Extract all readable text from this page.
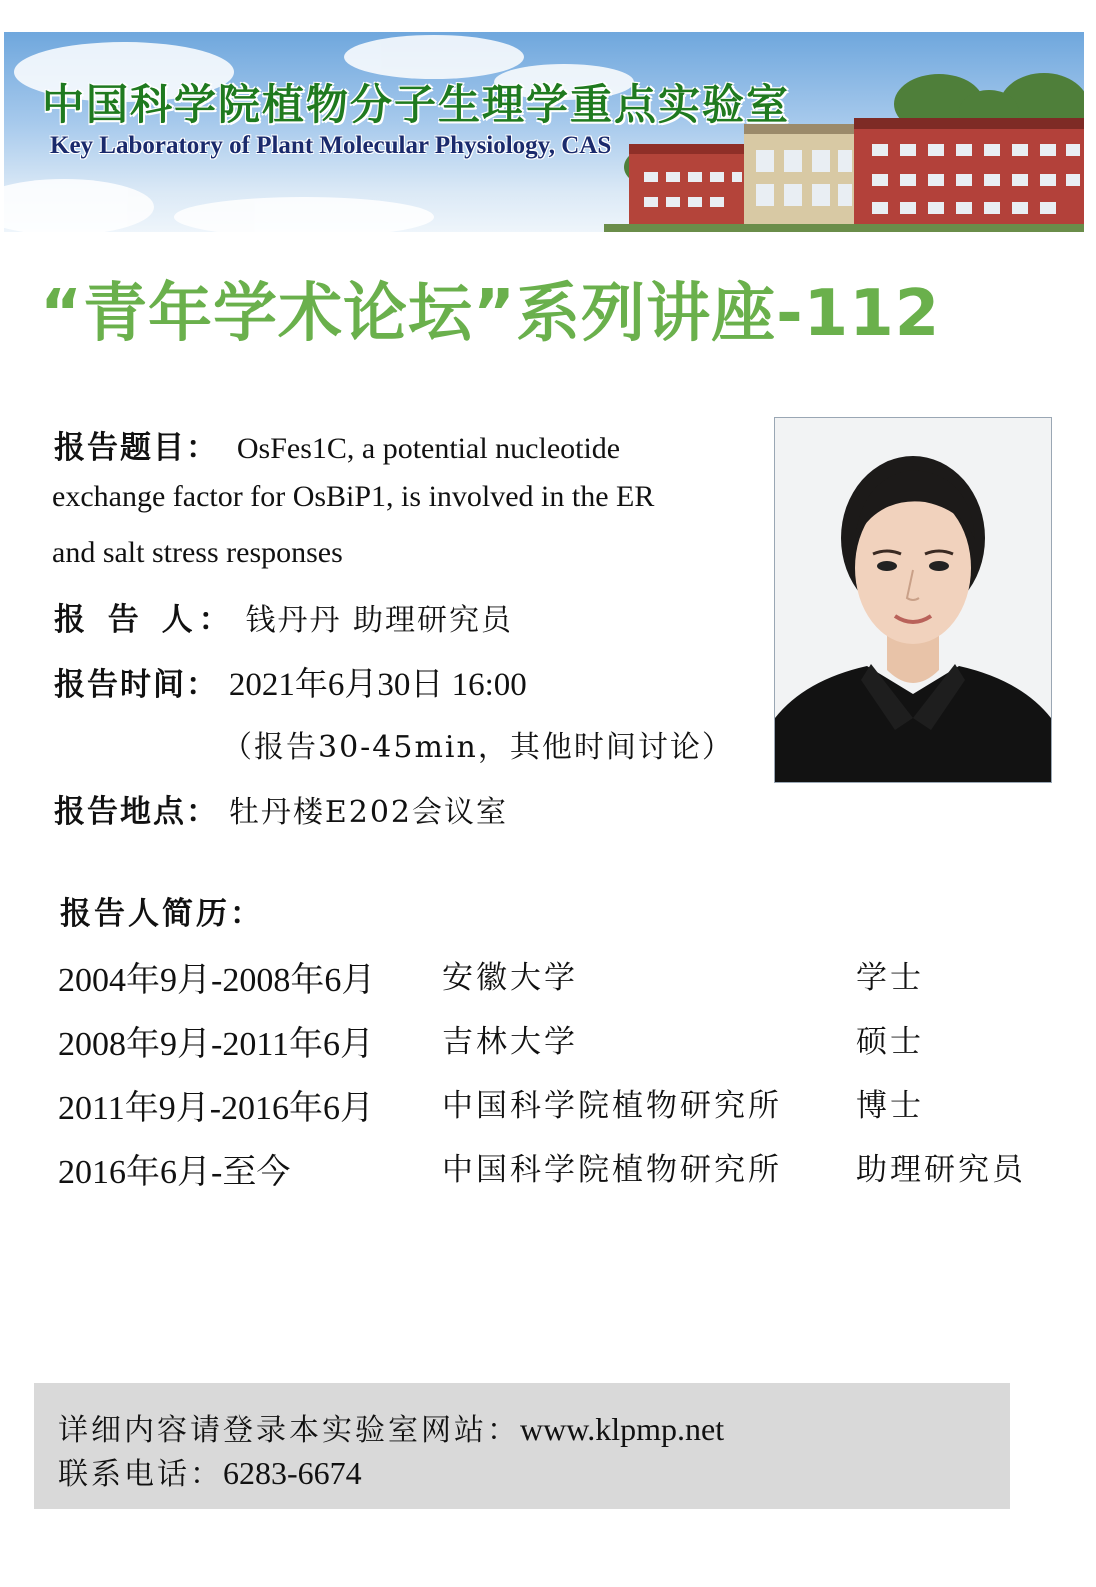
中国科学院植物分子生理学重点实验室
Key Laboratory of Plant Molecular Physiology, CAS
“青年学术论坛”系列讲座-112
报告题目： OsFes1C, a potential nucleotide
exchange factor for OsBiP1, is involved in the ER
and salt stress responses
报 告 人： 钱丹丹 助理研究员
报告时间： 2021年6月30日 16:00
（报告30-45min，其他时间讨论）
报告地点： 牡丹楼E202会议室
报告人简历：
2004年9月-2008年6月 安徽大学	学士
2008年9月-2011年6月 吉林大学	硕士
2011年9月-2016年6月 中国科学院植物研究所 博士
2016年6月-至今	中国科学院植物研究所 助理研究员
详细内容请登录本实验室网站：www.klpmp.net
联系电话：6283-6674
